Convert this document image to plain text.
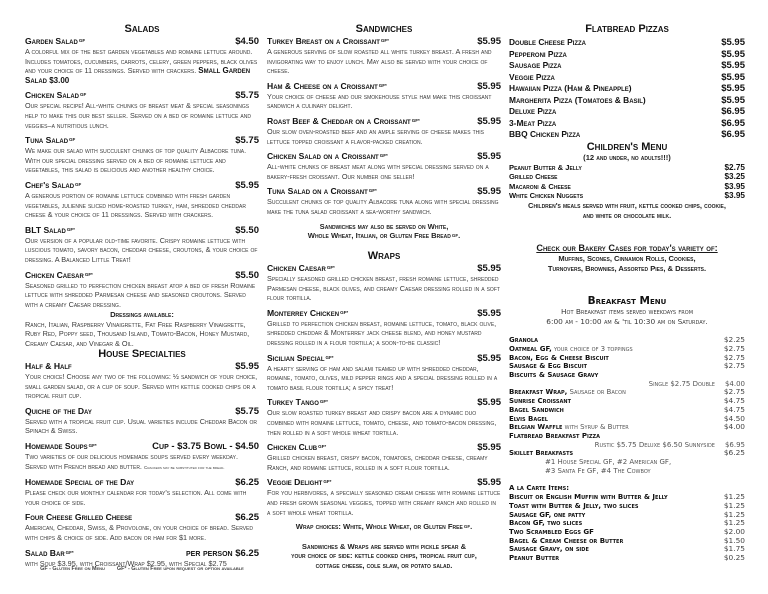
Salads
Garden Salad$^{GF}$	$4.50
A colorful mix of the best garden vegetables and romaine lettuce around. Includes tomatoes, cucumbers, carrots, celery, green peppers, black olives and your choice of 11 dressings. Served with crackers. Small Garden Salad $3.00
Chicken Salad$^{GF}$	$5.75
Our special recipe! All-white chunks of breast meat & special seasonings help to make this our best seller. Served on a bed of romaine lettuce and veggies–a nutritious lunch.
Tuna Salad$^{GF}$	$5.75
We make our salad with succulent chunks of top quality Albacore tuna. With our special dressing served on a bed of romaine lettuce and vegetables, this salad is delicious and another healthy choice.
Chef's Salad$^{GF}$	$5.95
A generous portion of romaine lettuce combined with fresh garden vegetables, julienne sliced home-roasted turkey, ham, shredded cheddar cheese & your choice of 11 dressings. Served with crackers.
BLT Salad$^{GF*}$	$5.50
Our version of a popular old-time favorite. Crispy romaine lettuce with luscious tomato, savory bacon, cheddar cheese, croutons, & your choice of dressing. A Balanced Little Treat!
Chicken Caesar$^{GF*}$	$5.50
Seasoned grilled to perfection chicken breast atop a bed of fresh Romaine lettuce with shredded Parmesan cheese and seasoned croutons. Served with a creamy Caesar dressing.
Dressings available:
Ranch, Italian, Raspberry Vinaigrette, Fat Free Raspberry Vinaigrette, Ruby Red, Poppy seed, Thousand Island, Tomato-Bacon, Honey Mustard, Creamy Caesar, and Vinegar & Oil.
House Specialties
Half & Half	$5.95
Your choice! Choose any two of the following: ½ sandwich of your choice, small garden salad, or a cup of soup. Served with kettle cooked chips or a tropical fruit cup.
Quiche of the Day	$5.75
Served with a tropical fruit cup. Usual varieties include Cheddar Bacon or Spinach & Swiss.
Homemade Soups$^{GF*}$	Cup - $3.75 Bowl - $4.50
Two varieties of our delicious homemade soups served every weekday. Served with French bread and butter. Crackers may be substituted for the bread.
Homemade Special of the Day	$6.25
Please check our monthly calendar for today's selection. All come with your choice of side.
Four Cheese Grilled Cheese	$6.25
American, Cheddar, Swiss, & Provolone, on your choice of bread. Served with chips & choice of side. Add bacon or ham for $1 more.
Salad Bar$^{GF*}$	per person $6.25
with Soup $3.95, with Croissant/Wrap $2.95, with Special $2.75
GF - Gluten Free on Menu GF* - Gluten Free upon request or option available
Sandwiches
Turkey Breast on a Croissant$^{GF*}$	$5.95
A generous serving of slow roasted all white turkey breast. A fresh and invigorating way to enjoy lunch. May also be served with your choice of cheese.
Ham & Cheese on a Croissant$^{GF*}$	$5.95
Your choice of cheese and our smokehouse style ham make this croissant sandwich a culinary delight.
Roast Beef & Cheddar on a Croissant$^{GF*}$	$5.95
Our slow oven-roasted beef and an ample serving of cheese makes this lettuce topped croissant a flavor-packed creation.
Chicken Salad on a Croissant$^{GF*}$	$5.95
All-white chunks of breast meat along with special dressing served on a bakery-fresh croissant. Our number one seller!
Tuna Salad on a Croissant$^{GF*}$	$5.95
Succulent chunks of top quality Albacore tuna along with special dressing make the tuna salad croissant a sea-worthy sandwich.
Sandwiches may also be served on White,
Whole Wheat, Italian, or Gluten Free Bread$^{GF}$.
Wraps
Chicken Caesar$^{GF*}$	$5.95
Specially seasoned grilled chicken breast, fresh romaine lettuce, shredded Parmesan cheese, black olives, and creamy Caesar dressing rolled in a soft flour tortilla.
Monterrey Chicken$^{GF*}$	$5.95
Grilled to perfection chicken breast, romaine lettuce, tomato, black olive, shredded cheddar & Monterrey jack cheese blend, and honey mustard dressing rolled in a flour tortilla; a soon-to-be classic!
Sicilian Special$^{GF*}$	$5.95
A hearty serving of ham and salami teamed up with shredded cheddar, romaine, tomato, olives, mild pepper rings and a special dressing rolled in a tomato basil flour tortilla; a spicy treat!
Turkey Tango$^{GF*}$	$5.95
Our slow roasted turkey breast and crispy bacon are a dynamic duo combined with romaine lettuce, tomato, cheese, and tomato-bacon dressing, then rolled in a soft whole wheat tortilla.
Chicken Club$^{GF*}$	$5.95
Grilled chicken breast, crispy bacon, tomatoes, cheddar cheese, creamy Ranch, and romaine lettuce, rolled in a soft flour tortilla.
Veggie Delight$^{GF*}$	$5.95
For you herbivores, a specially seasoned cream cheese with romaine lettuce and fresh grown seasonal veggies, topped with creamy ranch and rolled in a soft whole wheat tortilla.
Wrap choices: White, Whole Wheat, or Gluten Free$^{GF}$.
Sandwiches & Wraps are served with pickle spear &
your choice of side: kettle cooked chips, tropical fruit cup,
cottage cheese, cole slaw, or potato salad.
Flatbread Pizzas
Double Cheese Pizza	$5.95
Pepperoni Pizza	$5.95
Sausage Pizza	$5.95
Veggie Pizza	$5.95
Hawaiian Pizza (Ham & Pineapple)	$5.95
Margherita Pizza (Tomatoes & Basil)	$5.95
Deluxe Pizza	$6.95
3-Meat Pizza	$6.95
BBQ Chicken Pizza	$6.95
Children's Menu
(12 and under, no adults!!!)
Peanut Butter & Jelly	$2.75
Grilled Cheese	$3.25
Macaroni & Cheese	$3.95
White Chicken Nuggets	$3.95
Children's meals served with fruit, kettle cooked chips, cookie,
and white or chocolate milk.
Check our Bakery Cases for today's variety of:
Muffins, Scones, Cinnamon Rolls, Cookies,
Turnovers, Brownies, Assorted Pies, & Desserts.
Breakfast Menu
Hot Breakfast items served weekdays from
6:00 am - 10:00 am & 'til 10:30 am on Saturday.
Granola	$2.25
Oatmeal GF, your choice of 3 toppings	$2.75
Bacon, Egg & Cheese Biscuit	$2.75
Sausage & Egg Biscuit	$2.75
Biscuits & Sausage Gravy
Single $2.75 Double $4.00
Breakfast Wrap, Sausage or Bacon	$2.75
Sunrise Croissant	$4.75
Bagel Sandwich	$4.75
Elvis Bagel	$4.50
Belgian Waffle with Syrup & Butter	$4.00
Flatbread Breakfast Pizza
Rustic $5.75 Deluxe $6.50 Sunnyside $6.95
Skillet Breakfasts	$6.25
#1 House Special GF, #2 American GF,
#3 Santa Fe GF, #4 The Cowboy
A la Carte Items:
Biscuit or English Muffin with Butter & Jelly	$1.25
Toast with Butter & Jelly, two slices	$1.25
Sausage GF, one patty	$1.25
Bacon GF, two slices	$1.25
Two Scrambled Eggs GF	$2.00
Bagel & Cream Cheese or Butter	$1.50
Sausage Gravy, on side	$1.75
Peanut Butter	$0.25
